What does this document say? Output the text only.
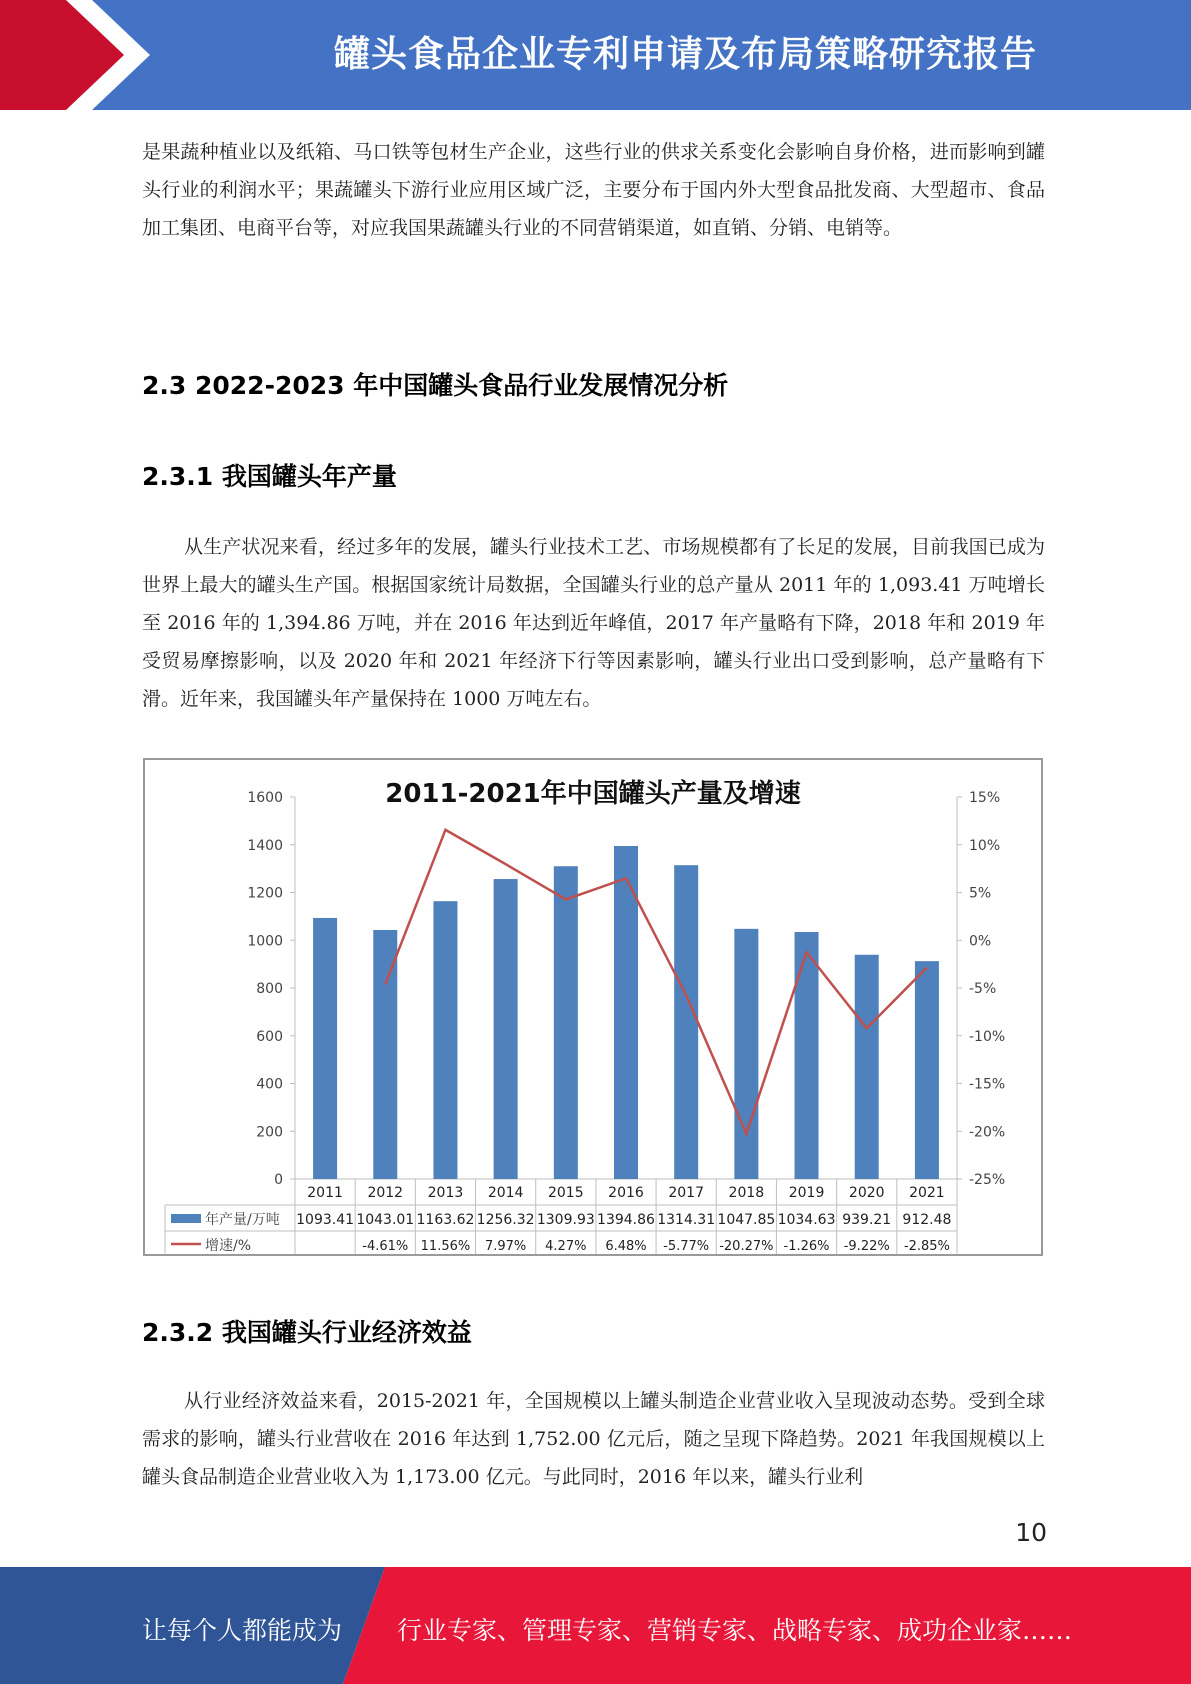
罐头食品企业专利申请及布局策略研究报告

是果蔬种植业以及纸箱、马口铁等包材生产企业，这些行业的供求关系变化会影响自身价格，进而影响到罐头行业的利润水平；果蔬罐头下游行业应用区域广泛，主要分布于国内外大型食品批发商、大型超市、食品加工集团、电商平台等，对应我国果蔬罐头行业的不同营销渠道，如直销、分销、电销等。

2.3 2022-2023 年中国罐头食品行业发展情况分析
2.3.1 我国罐头年产量

从生产状况来看，经过多年的发展，罐头行业技术工艺、市场规模都有了长足的发展，目前我国已成为世界上最大的罐头生产国。根据国家统计局数据，全国罐头行业的总产量从 2011 年的 1,093.41 万吨增长至 2016 年的 1,394.86 万吨，并在 2016 年达到近年峰值，2017 年产量略有下降，2018 年和 2019 年受贸易摩擦影响，以及 2020 年和 2021 年经济下行等因素影响，罐头行业出口受到影响，总产量略有下滑。近年来，我国罐头年产量保持在 1000 万吨左右。

2011-2021年中国罐头产量及增速
0
200
400
600
800
1000
1200
1400
1600
-25%
-20%
-15%
-10%
-5%
0%
5%
10%
15%
2011 2012 2013 2014 2015 2016 2017 2018 2019 2020 2021
年产量/万吨 1093.41 1043.01 1163.62 1256.32 1309.93 1394.86 1314.31 1047.85 1034.63 939.21 912.48
增速/%	-4.61% 11.56% 7.97% 4.27% 6.48% -5.77% -20.27% -1.26% -9.22% -2.85%
2.3.2 我国罐头行业经济效益

从行业经济效益来看，2015-2021 年，全国规模以上罐头制造企业营业收入呈现波动态势。受到全球需求的影响，罐头行业营收在 2016 年达到 1,752.00 亿元后，随之呈现下降趋势。2021 年我国规模以上罐头食品制造企业营业收入为 1,173.00 亿元。与此同时，2016 年以来，罐头行业利

10
让每个人都能成为 行业专家、管理专家、营销专家、战略专家、成功企业家……
